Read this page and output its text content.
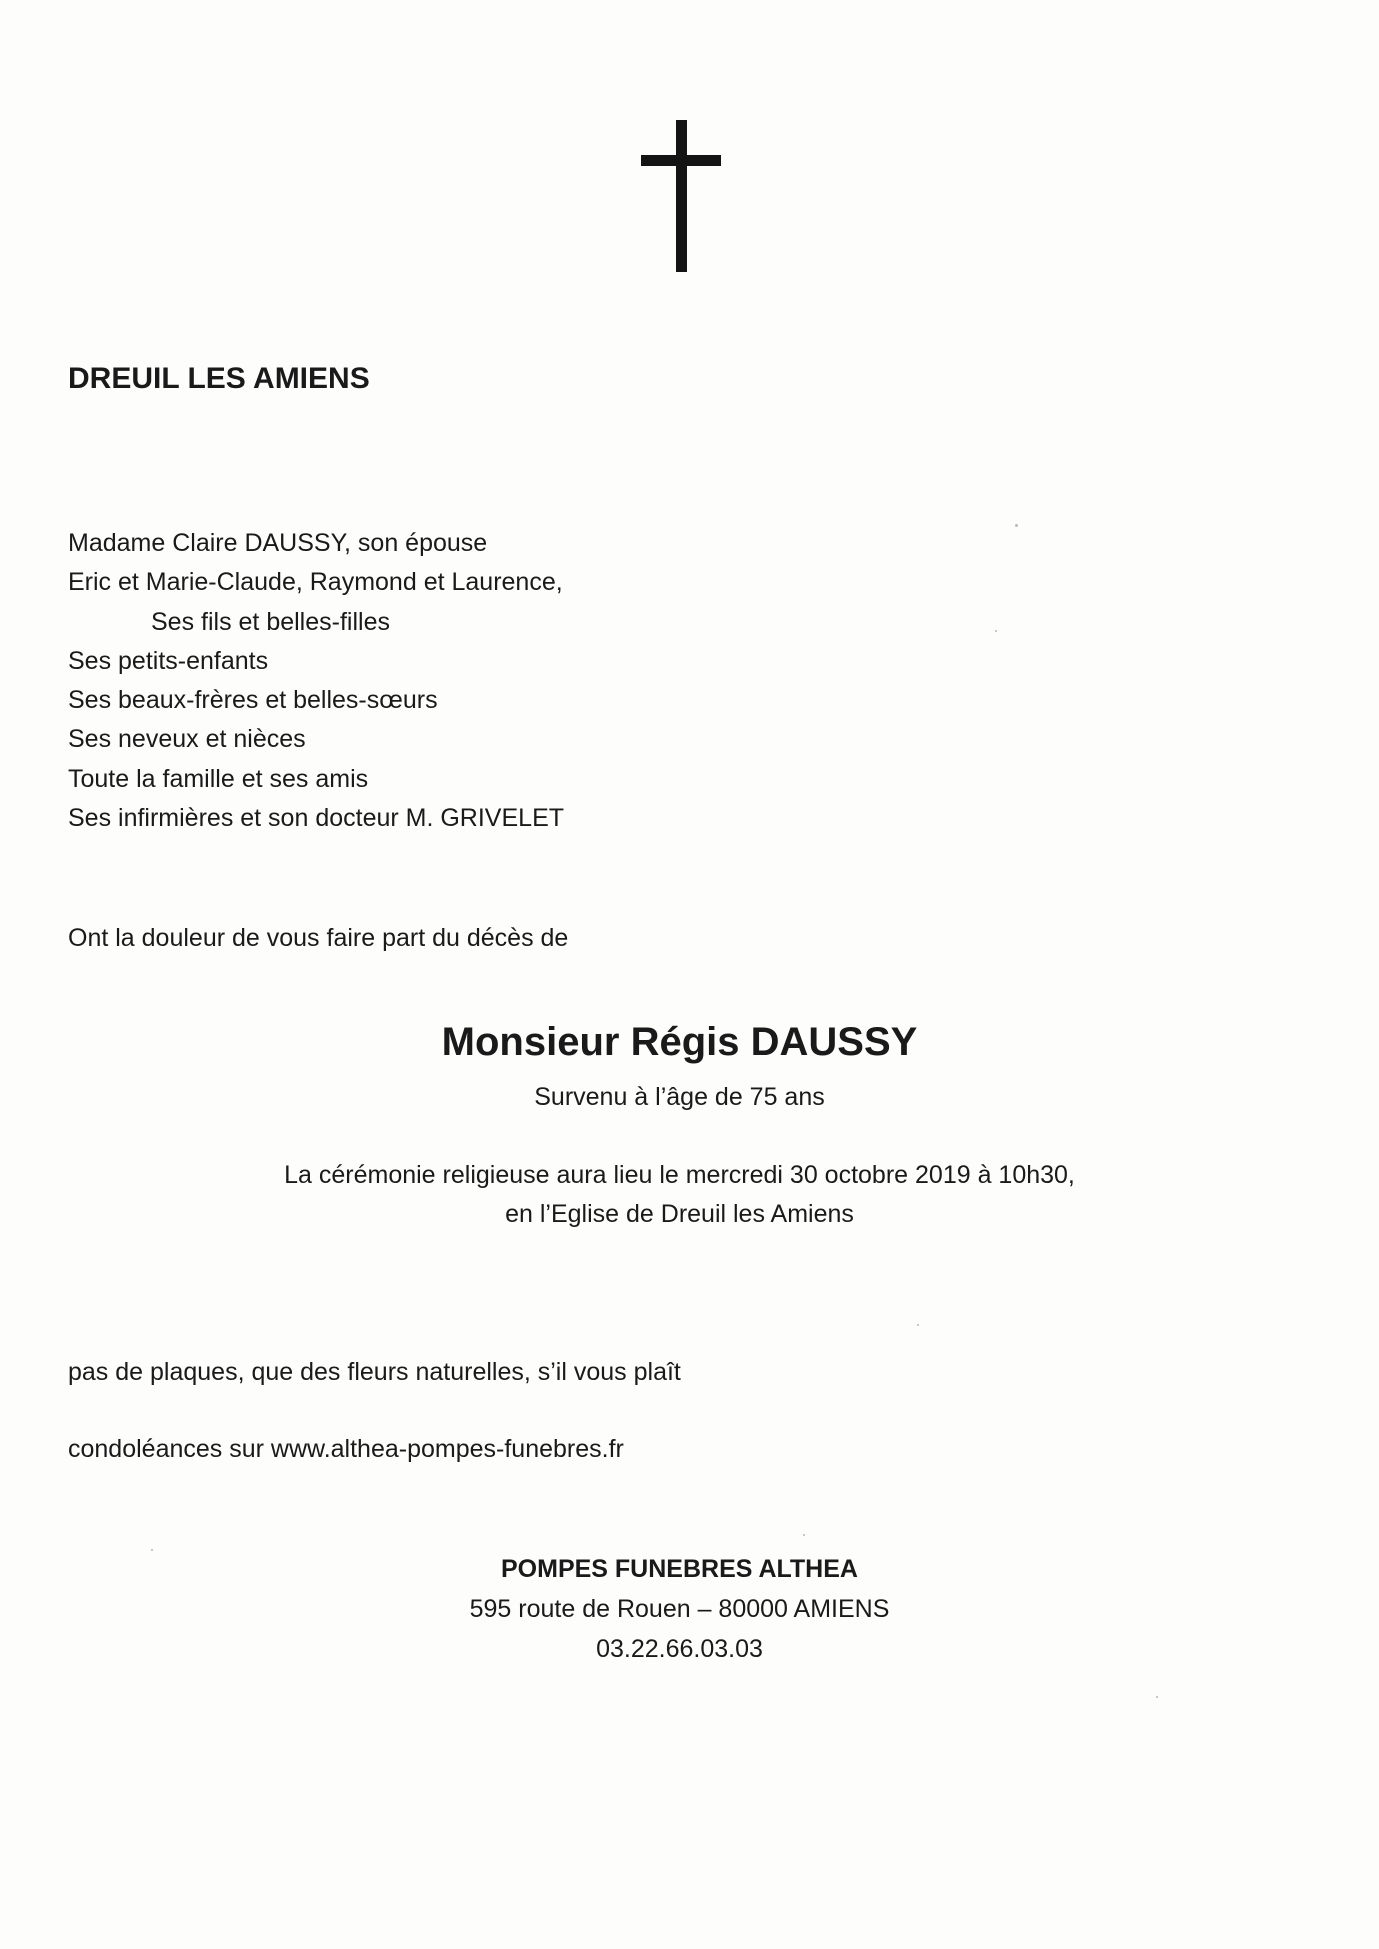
DREUIL LES AMIENS
Madame Claire DAUSSY, son épouse
Eric et Marie-Claude, Raymond et Laurence,
Ses fils et belles-filles
Ses petits-enfants
Ses beaux-frères et belles-sœurs
Ses neveux et nièces
Toute la famille et ses amis
Ses infirmières et son docteur M. GRIVELET
Ont la douleur de vous faire part du décès de
Monsieur Régis DAUSSY
Survenu à l’âge de 75 ans
La cérémonie religieuse aura lieu le mercredi 30 octobre 2019 à 10h30,
en l’Eglise de Dreuil les Amiens
pas de plaques, que des fleurs naturelles, s’il vous plaît
condoléances sur www.althea-pompes-funebres.fr
POMPES FUNEBRES ALTHEA
595 route de Rouen – 80000 AMIENS
03.22.66.03.03
